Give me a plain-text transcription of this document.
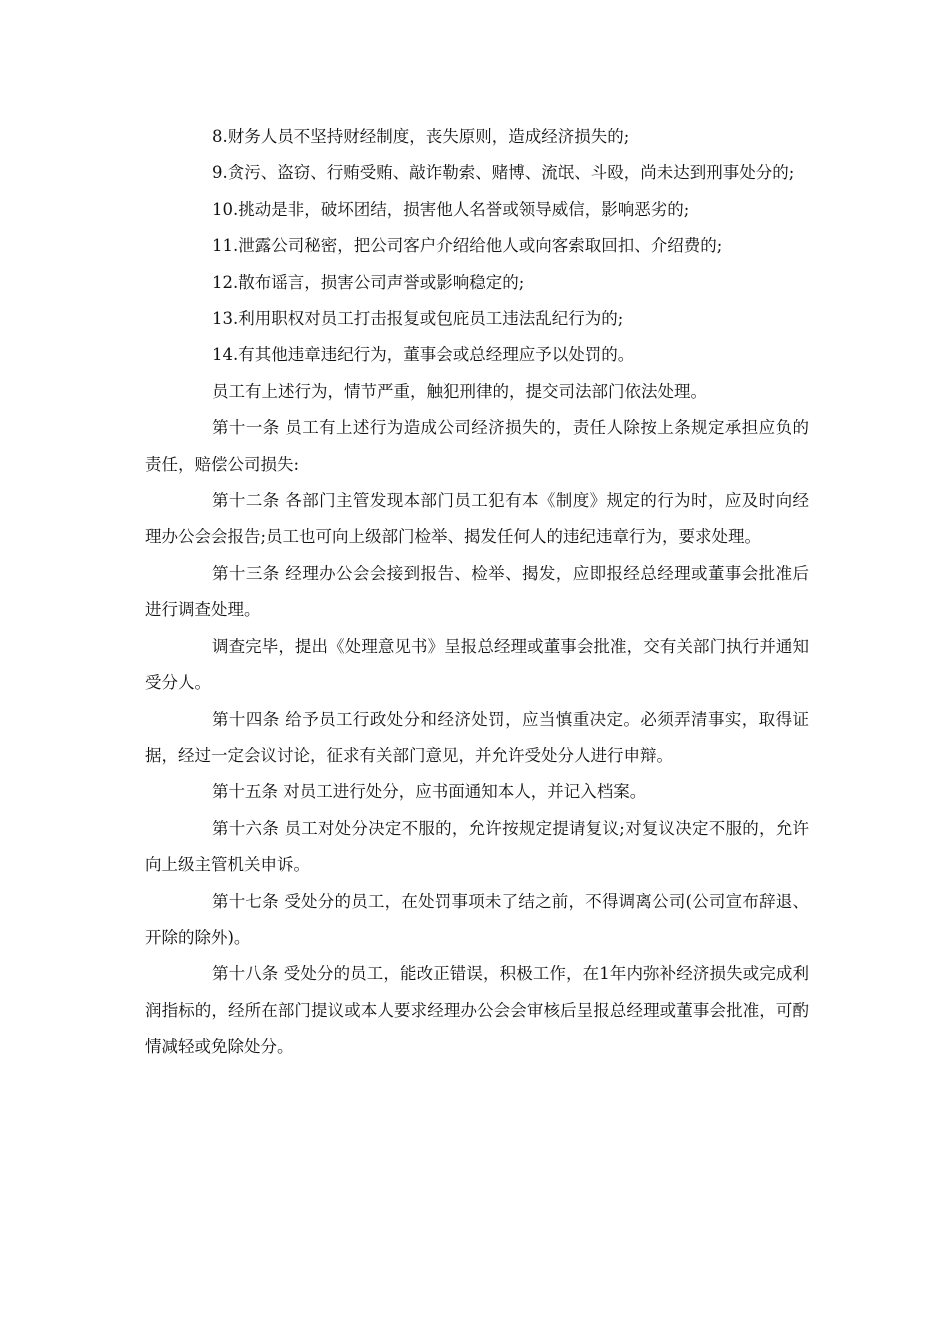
8.财务人员不坚持财经制度，丧失原则，造成经济损失的;

9.贪污、盗窃、行贿受贿、敲诈勒索、赌博、流氓、斗殴，尚未达到刑事处分的;

10.挑动是非，破坏团结，损害他人名誉或领导威信，影响恶劣的;

11.泄露公司秘密，把公司客户介绍给他人或向客索取回扣、介绍费的;

12.散布谣言，损害公司声誉或影响稳定的;

13.利用职权对员工打击报复或包庇员工违法乱纪行为的;

14.有其他违章违纪行为，董事会或总经理应予以处罚的。

员工有上述行为，情节严重，触犯刑律的，提交司法部门依法处理。

第十一条 员工有上述行为造成公司经济损失的，责任人除按上条规定承担应负的责任，赔偿公司损失:

第十二条 各部门主管发现本部门员工犯有本《制度》规定的行为时，应及时向经理办公会会报告;员工也可向上级部门检举、揭发任何人的违纪违章行为，要求处理。

第十三条 经理办公会会接到报告、检举、揭发，应即报经总经理或董事会批准后进行调查处理。

调查完毕，提出《处理意见书》呈报总经理或董事会批准，交有关部门执行并通知受分人。

第十四条 给予员工行政处分和经济处罚，应当慎重决定。必须弄清事实，取得证据，经过一定会议讨论，征求有关部门意见，并允许受处分人进行申辩。

第十五条 对员工进行处分，应书面通知本人，并记入档案。

第十六条 员工对处分决定不服的，允许按规定提请复议;对复议决定不服的，允许向上级主管机关申诉。

第十七条 受处分的员工，在处罚事项未了结之前，不得调离公司(公司宣布辞退、开除的除外)。

第十八条 受处分的员工，能改正错误，积极工作，在1年内弥补经济损失或完成利润指标的，经所在部门提议或本人要求经理办公会会审核后呈报总经理或董事会批准，可酌情减轻或免除处分。
